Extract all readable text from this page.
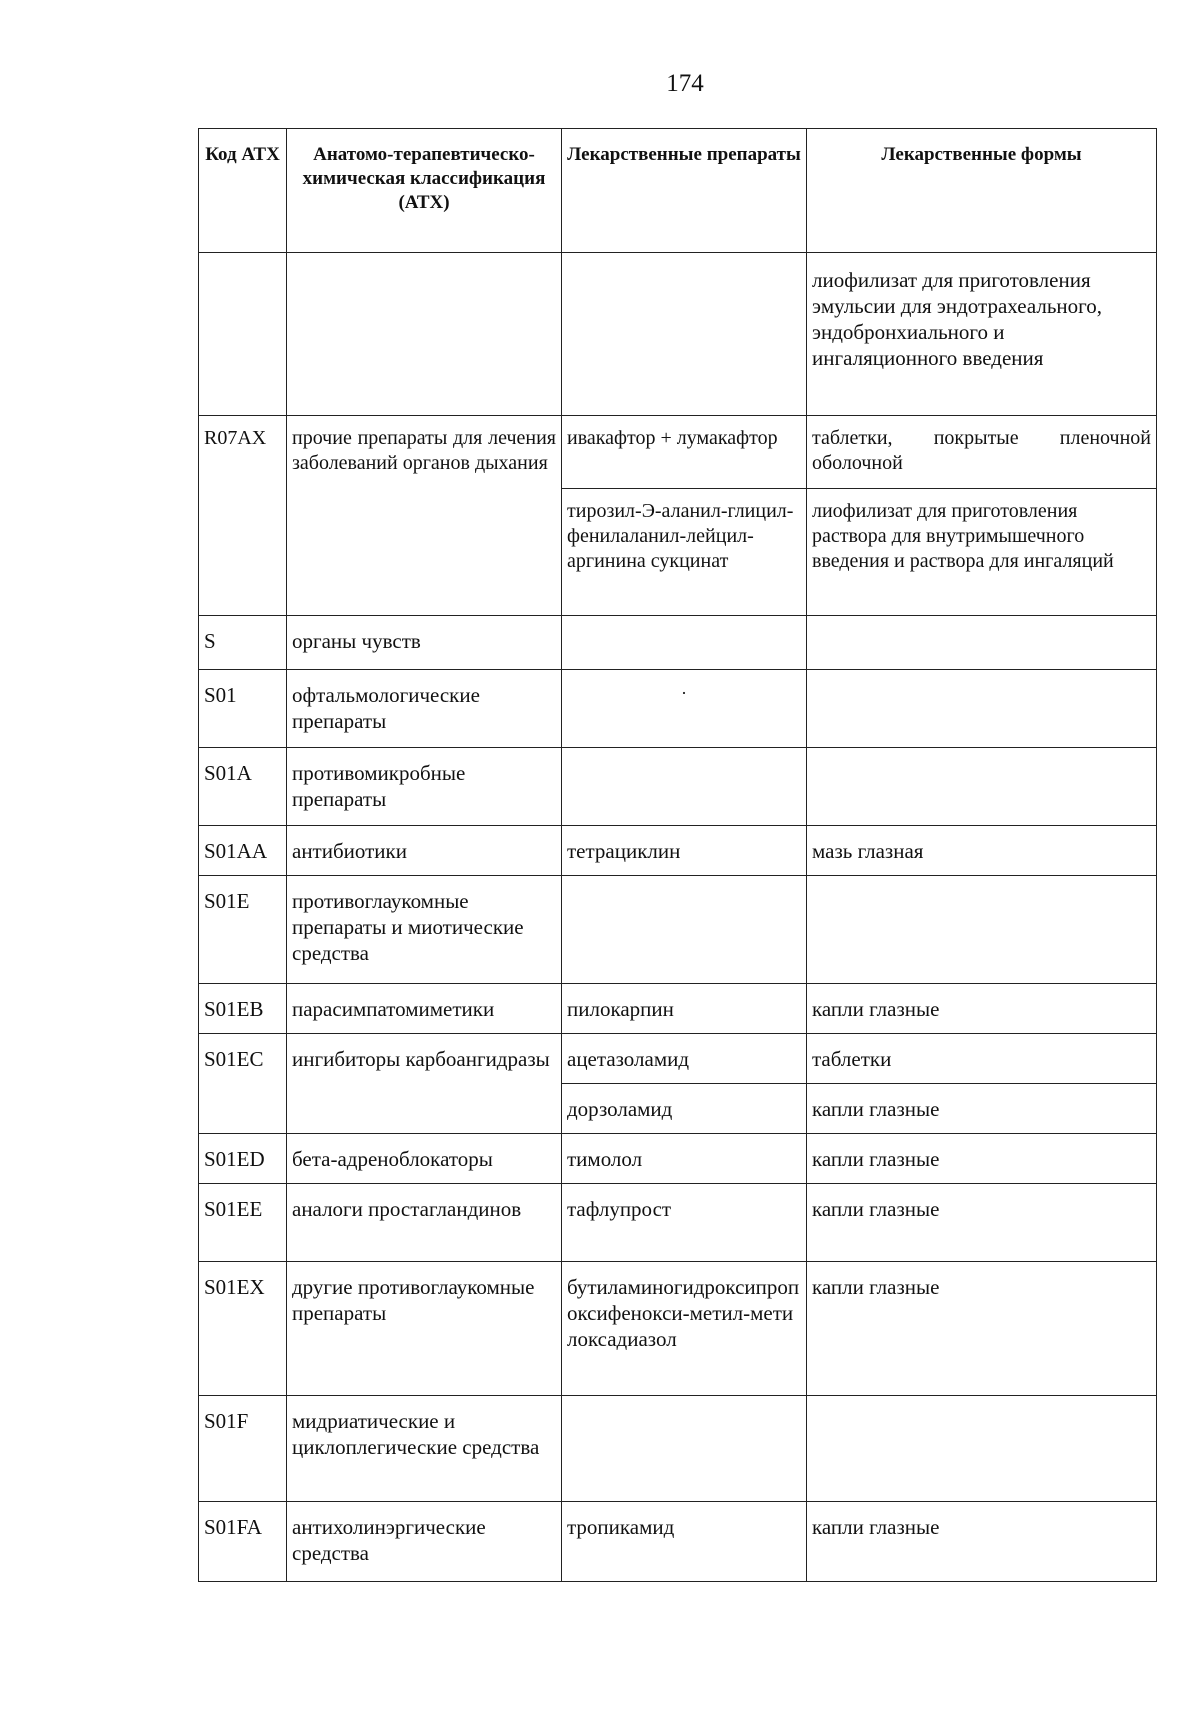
174
Код АТХ	Анатомо-терапевтическо-химическая классификация (АТХ)	Лекарственные препараты	Лекарственные формы
			лиофилизат для приготовления эмульсии для эндотрахеального, эндобронхиального и ингаляционного введения
R07AX	прочие препараты для лечения заболеваний органов дыхания	ивакафтор + лумакафтор	таблетки, покрытые пленочной оболочной
		тирозил-Э-аланил-глицил-фенилаланил-лейцил-аргинина сукцинат	лиофилизат для приготовления раствора для внутримышечного введения и раствора для ингаляций
S	органы чувств		
S01	офтальмологические препараты	·	

S01A	противомикробные препараты		
S01AA	антибиотики	тетрациклин	мазь глазная
S01E	противоглаукомные препараты и миотические средства		
S01EB	парасимпатомиметики	пилокарпин	капли глазные
S01EC	ингибиторы карбоангидразы	ацетазоламид	таблетки
		дорзоламид	капли глазные
S01ED	бета-адреноблокаторы	тимолол	капли глазные
S01EE	аналоги простагландинов	тафлупрост	капли глазные
S01EX	другие противоглаукомные препараты	бутиламиногидроксипропоксифенокси-метил-метилоксадиазол	капли глазные
S01F	мидриатические и циклоплегические средства		
S01FA	антихолинэргические средства	тропикамид	капли глазные
